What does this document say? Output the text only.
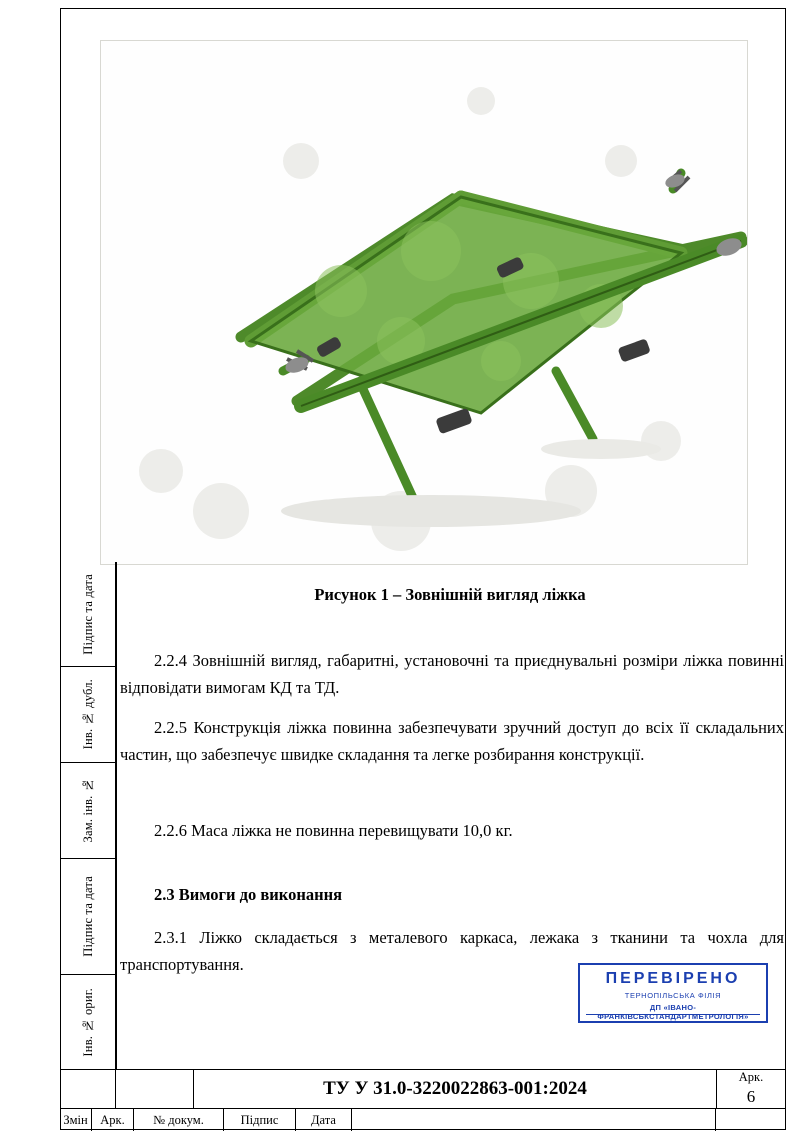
Рисунок 1 – Зовнішній вигляд ліжка
2.2.4 Зовнішній вигляд, габаритні, установочні та приєднувальні розміри ліжка повинні відповідати вимогам КД та ТД.
2.2.5 Конструкція ліжка повинна забезпечувати зручний доступ до всіх її складальних частин, що забезпечує швидке складання та легке розбирання конструкції.
2.2.6 Маса ліжка не повинна перевищувати 10,0 кг.
2.3 Вимоги до виконання
2.3.1 Ліжко складається з металевого каркаса, лежака з тканини та чохла для транспортування.
ПЕРЕВІРЕНО
ТЕРНОПІЛЬСЬКА ФІЛІЯ
ДП «ІВАНО-ФРАНКІВСЬКСТАНДАРТМЕТРОЛОГІЯ»
Підпис та дата
Інв. № дубл.
Зам. інв. №
Підпис та дата
Інв. № ориг.
ТУ У 31.0-3220022863-001:2024
Арк.
6
Змін	Арк.	№ докум.	Підпис	Дата
